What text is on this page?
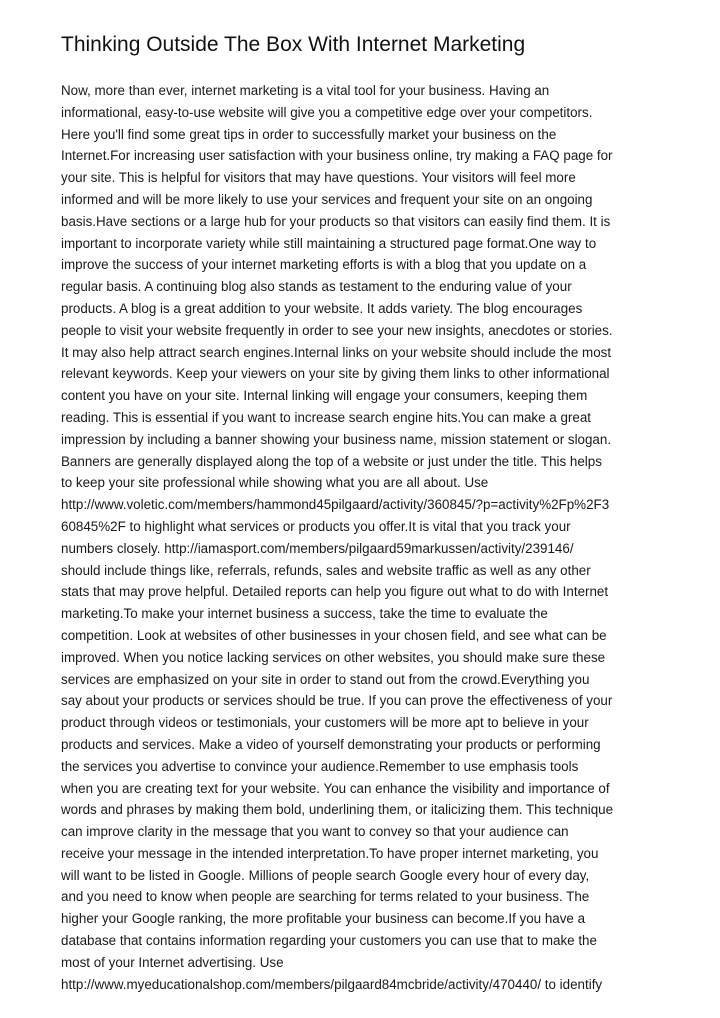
Thinking Outside The Box With Internet Marketing
Now, more than ever, internet marketing is a vital tool for your business. Having an
informational, easy-to-use website will give you a competitive edge over your competitors.
Here you'll find some great tips in order to successfully market your business on the
Internet.For increasing user satisfaction with your business online, try making a FAQ page for
your site. This is helpful for visitors that may have questions. Your visitors will feel more
informed and will be more likely to use your services and frequent your site on an ongoing
basis.Have sections or a large hub for your products so that visitors can easily find them. It is
important to incorporate variety while still maintaining a structured page format.One way to
improve the success of your internet marketing efforts is with a blog that you update on a
regular basis. A continuing blog also stands as testament to the enduring value of your
products. A blog is a great addition to your website. It adds variety. The blog encourages
people to visit your website frequently in order to see your new insights, anecdotes or stories.
It may also help attract search engines.Internal links on your website should include the most
relevant keywords. Keep your viewers on your site by giving them links to other informational
content you have on your site. Internal linking will engage your consumers, keeping them
reading. This is essential if you want to increase search engine hits.You can make a great
impression by including a banner showing your business name, mission statement or slogan.
Banners are generally displayed along the top of a website or just under the title. This helps
to keep your site professional while showing what you are all about. Use
http://www.voletic.com/members/hammond45pilgaard/activity/360845/?p=activity%2Fp%2F3
60845%2F to highlight what services or products you offer.It is vital that you track your
numbers closely. http://iamasport.com/members/pilgaard59markussen/activity/239146/
should include things like, referrals, refunds, sales and website traffic as well as any other
stats that may prove helpful. Detailed reports can help you figure out what to do with Internet
marketing.To make your internet business a success, take the time to evaluate the
competition. Look at websites of other businesses in your chosen field, and see what can be
improved. When you notice lacking services on other websites, you should make sure these
services are emphasized on your site in order to stand out from the crowd.Everything you
say about your products or services should be true. If you can prove the effectiveness of your
product through videos or testimonials, your customers will be more apt to believe in your
products and services. Make a video of yourself demonstrating your products or performing
the services you advertise to convince your audience.Remember to use emphasis tools
when you are creating text for your website. You can enhance the visibility and importance of
words and phrases by making them bold, underlining them, or italicizing them. This technique
can improve clarity in the message that you want to convey so that your audience can
receive your message in the intended interpretation.To have proper internet marketing, you
will want to be listed in Google. Millions of people search Google every hour of every day,
and you need to know when people are searching for terms related to your business. The
higher your Google ranking, the more profitable your business can become.If you have a
database that contains information regarding your customers you can use that to make the
most of your Internet advertising. Use
http://www.myeducationalshop.com/members/pilgaard84mcbride/activity/470440/ to identify
